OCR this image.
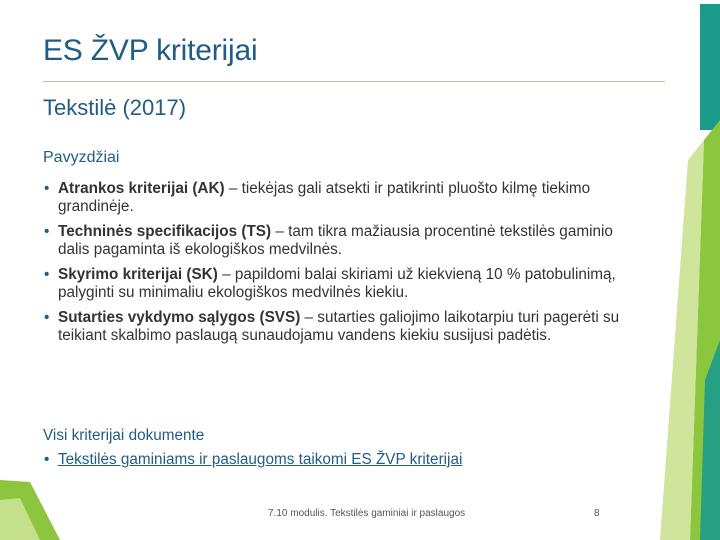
ES ŽVP kriterijai
Tekstilė (2017)

Pavyzdžiai

• Atrankos kriterijai (AK) – tiekėjas gali atsekti ir patikrinti pluošto kilmę tiekimo grandinėje.
• Techninės specifikacijos (TS) – tam tikra mažiausia procentinė tekstilės gaminio dalis pagaminta iš ekologiškos medvilnės.
• Skyrimo kriterijai (SK) – papildomi balai skiriami už kiekvieną 10 % patobulinimą, palyginti su minimaliu ekologiškos medvilnės kiekiu.
• Sutarties vykdymo sąlygos (SVS) – sutarties galiojimo laikotarpiu turi pagerėti su teikiant skalbimo paslaugą sunaudojamu vandens kiekiu susijusi padėtis.

Visi kriterijai dokumente

• Tekstilės gaminiams ir paslaugoms taikomi ES ŽVP kriterijai
7.10 modulis. Tekstilės gaminiai ir paslaugos	8
